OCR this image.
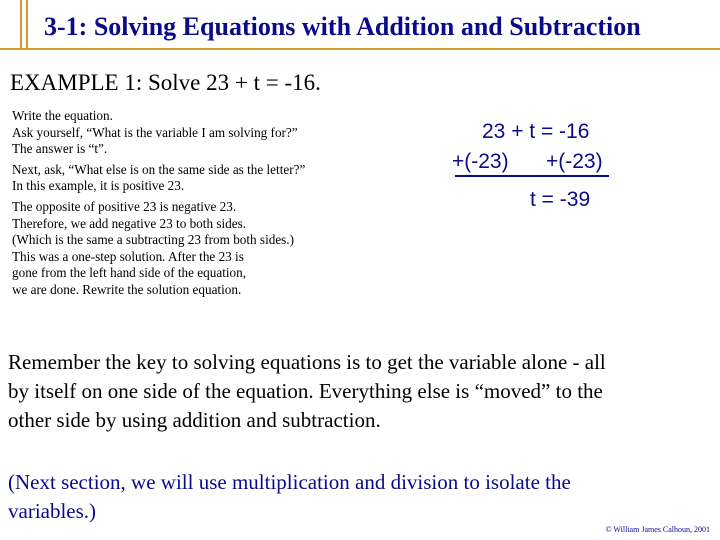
3-1: Solving Equations with Addition and Subtraction
EXAMPLE 1: Solve 23 + t = -16.
Write the equation.
Ask yourself, “What is the variable I am solving for?”
The answer is “t”.
Next, ask, “What else is on the same side as the letter?”
In this example, it is positive 23.
The opposite of positive 23 is negative 23.
Therefore, we add negative 23 to both sides.
(Which is the same a subtracting 23 from both sides.)
This was a one-step solution. After the 23 is
gone from the left hand side of the equation,
we are done. Rewrite the solution equation.
23 + t = -16
+(-23) +(-23)
t = -39
Remember the key to solving equations is to get the variable alone - all
by itself on one side of the equation. Everything else is “moved” to the
other side by using addition and subtraction.
(Next section, we will use multiplication and division to isolate the
variables.)
© William James Calhoun, 2001
